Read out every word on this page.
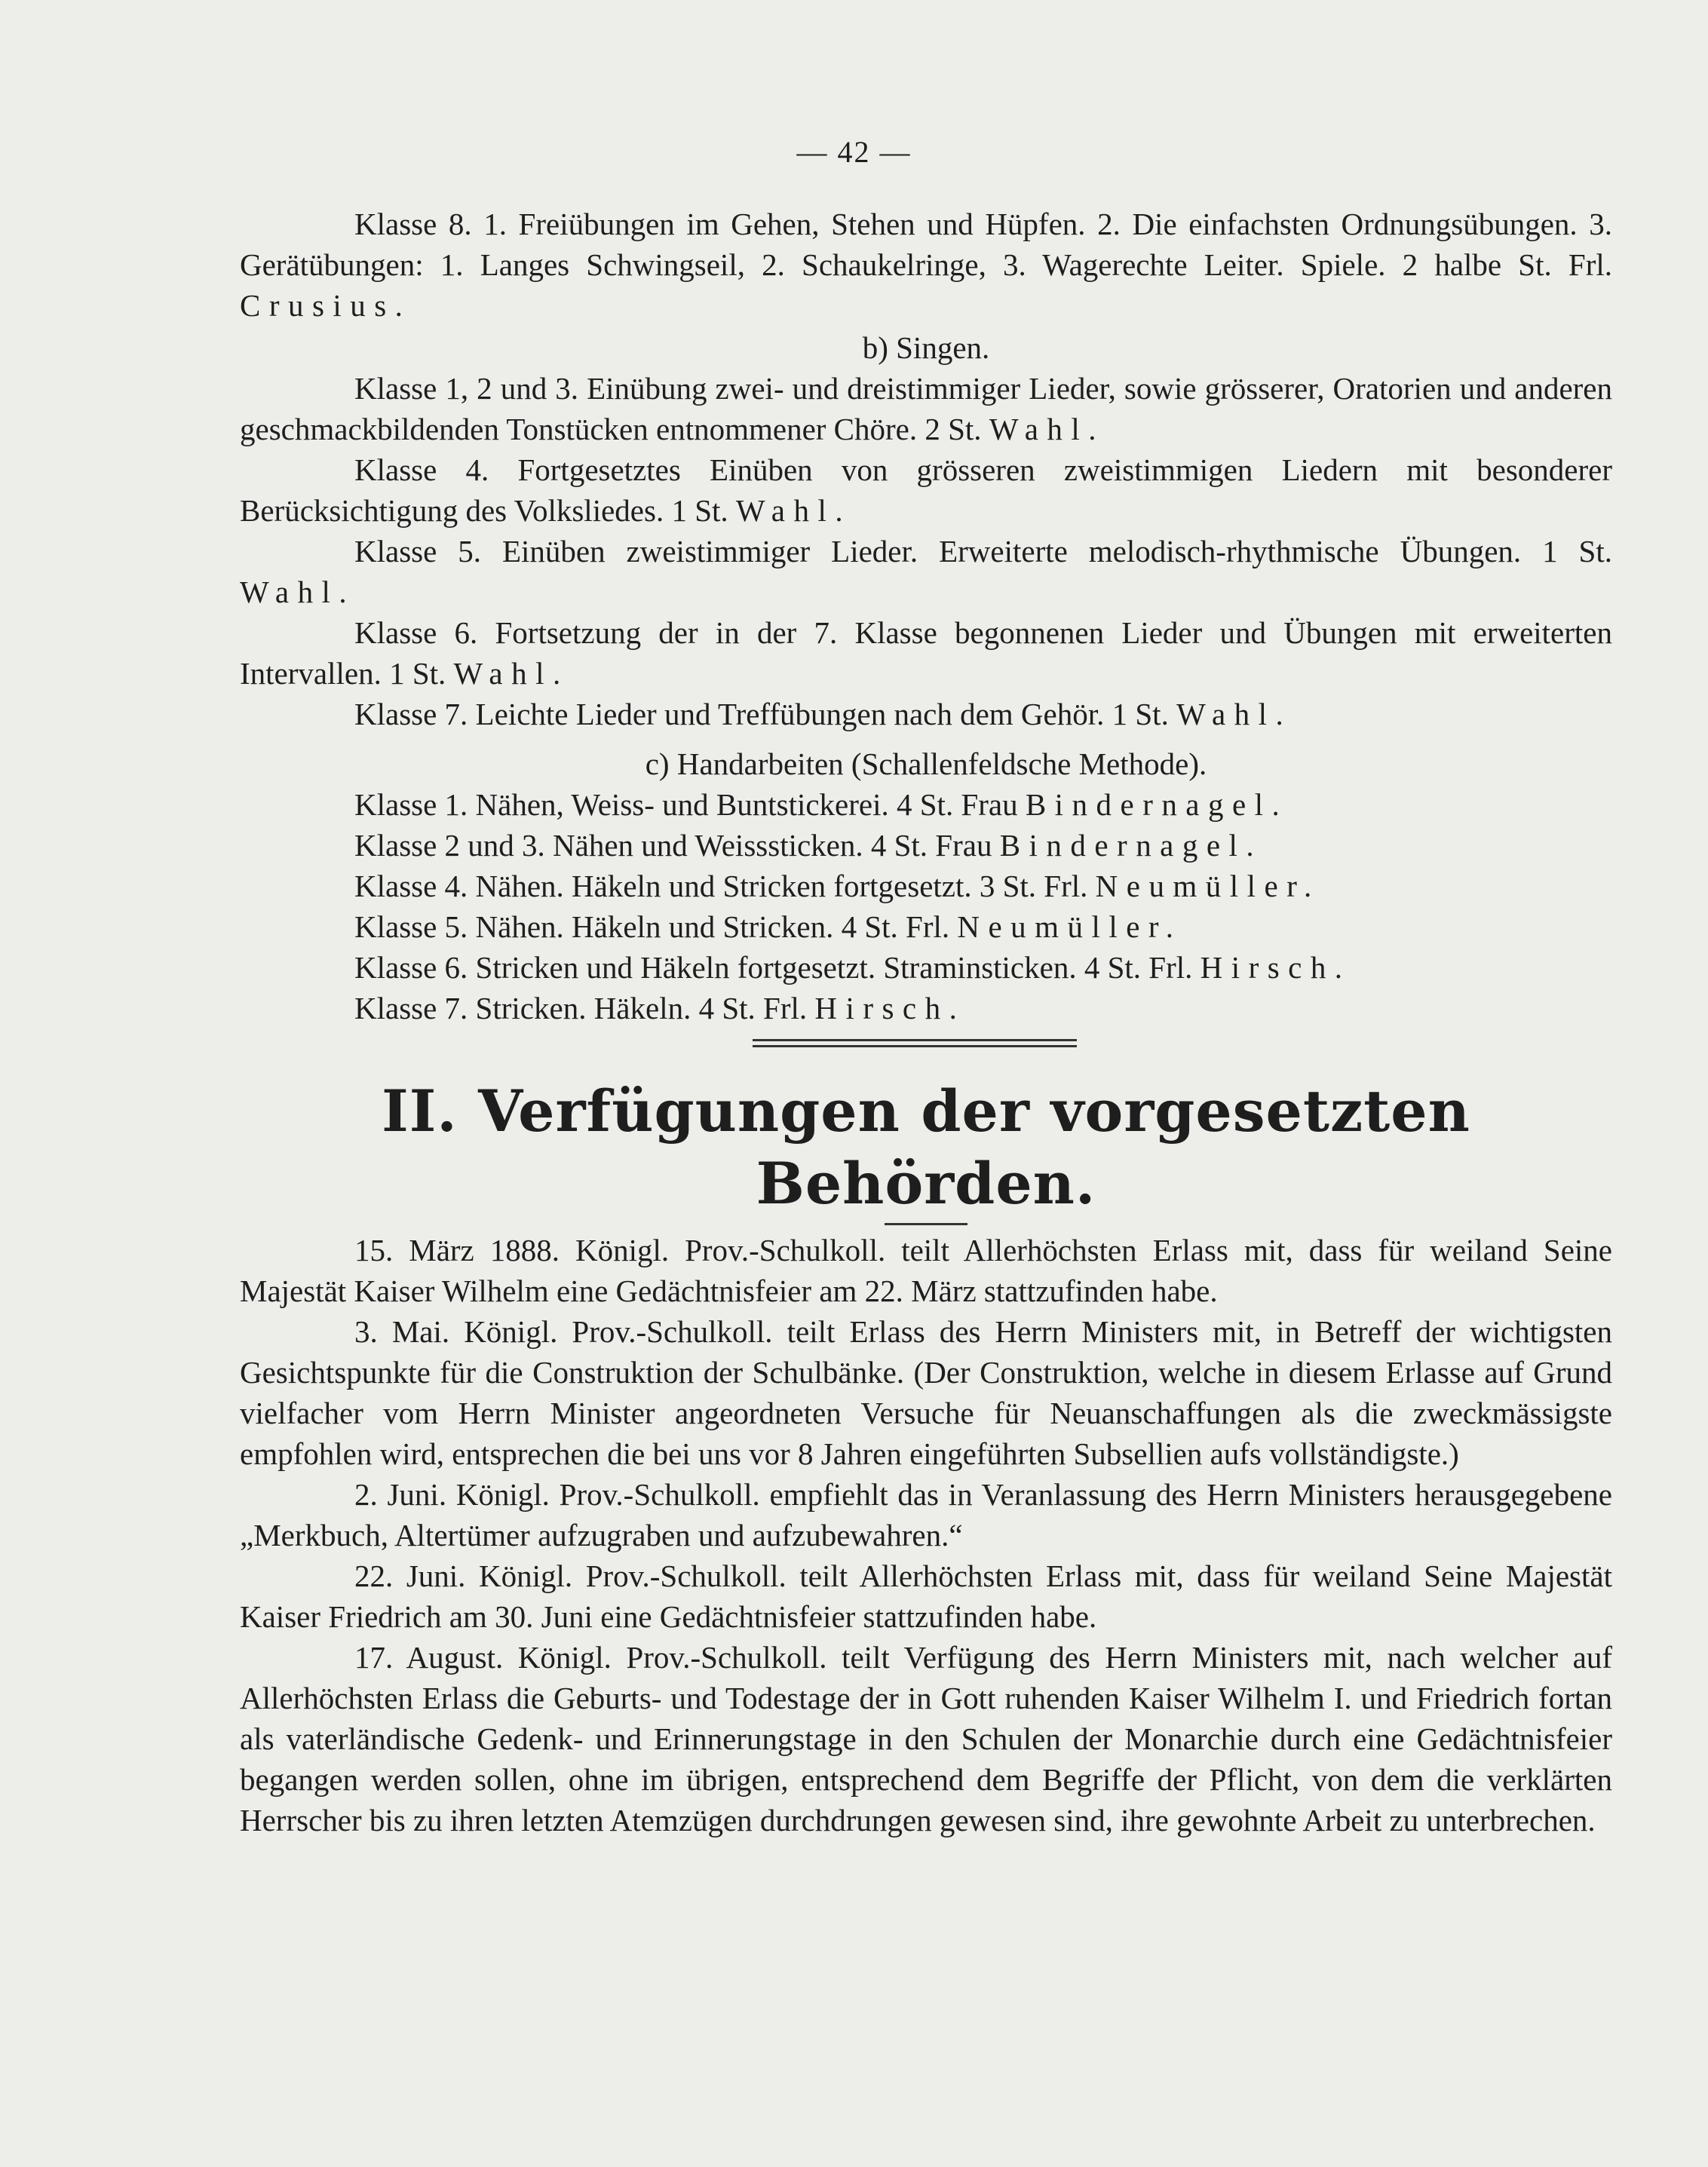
— 42 —

Klasse 8. 1. Freiübungen im Gehen, Stehen und Hüpfen. 2. Die einfachsten Ordnungsübungen. 3. Gerätübungen: 1. Langes Schwingseil, 2. Schaukelringe, 3. Wagerechte Leiter. Spiele. 2 halbe St. Frl. Crusius.

b) Singen.

Klasse 1, 2 und 3. Einübung zwei- und dreistimmiger Lieder, sowie grösserer, Oratorien und anderen geschmackbildenden Tonstücken entnommener Chöre. 2 St. Wahl.

Klasse 4. Fortgesetztes Einüben von grösseren zweistimmigen Liedern mit besonderer Berücksichtigung des Volksliedes. 1 St. Wahl.

Klasse 5. Einüben zweistimmiger Lieder. Erweiterte melodisch-rhythmische Übungen. 1 St. Wahl.

Klasse 6. Fortsetzung der in der 7. Klasse begonnenen Lieder und Übungen mit erweiterten Intervallen. 1 St. Wahl.

Klasse 7. Leichte Lieder und Treffübungen nach dem Gehör. 1 St. Wahl.

c) Handarbeiten (Schallenfeldsche Methode).

Klasse 1. Nähen, Weiss- und Buntstickerei. 4 St. Frau Bindernagel.

Klasse 2 und 3. Nähen und Weisssticken. 4 St. Frau Bindernagel.

Klasse 4. Nähen. Häkeln und Stricken fortgesetzt. 3 St. Frl. Neumüller.

Klasse 5. Nähen. Häkeln und Stricken. 4 St. Frl. Neumüller.

Klasse 6. Stricken und Häkeln fortgesetzt. Straminsticken. 4 St. Frl. Hirsch.

Klasse 7. Stricken. Häkeln. 4 St. Frl. Hirsch.

II. Verfügungen der vorgesetzten Behörden.

15. März 1888. Königl. Prov.-Schulkoll. teilt Allerhöchsten Erlass mit, dass für weiland Seine Majestät Kaiser Wilhelm eine Gedächtnisfeier am 22. März stattzufinden habe.

3. Mai. Königl. Prov.-Schulkoll. teilt Erlass des Herrn Ministers mit, in Betreff der wichtigsten Gesichtspunkte für die Construktion der Schulbänke. (Der Construktion, welche in diesem Erlasse auf Grund vielfacher vom Herrn Minister angeordneten Versuche für Neuanschaffungen als die zweckmässigste empfohlen wird, entsprechen die bei uns vor 8 Jahren eingeführten Subsellien aufs vollständigste.)

2. Juni. Königl. Prov.-Schulkoll. empfiehlt das in Veranlassung des Herrn Ministers herausgegebene „Merkbuch, Altertümer aufzugraben und aufzubewahren.“

22. Juni. Königl. Prov.-Schulkoll. teilt Allerhöchsten Erlass mit, dass für weiland Seine Majestät Kaiser Friedrich am 30. Juni eine Gedächtnisfeier stattzufinden habe.

17. August. Königl. Prov.-Schulkoll. teilt Verfügung des Herrn Ministers mit, nach welcher auf Allerhöchsten Erlass die Geburts- und Todestage der in Gott ruhenden Kaiser Wilhelm I. und Friedrich fortan als vaterländische Gedenk- und Erinnerungstage in den Schulen der Monarchie durch eine Gedächtnisfeier begangen werden sollen, ohne im übrigen, entsprechend dem Begriffe der Pflicht, von dem die verklärten Herrscher bis zu ihren letzten Atemzügen durchdrungen gewesen sind, ihre gewohnte Arbeit zu unterbrechen.
